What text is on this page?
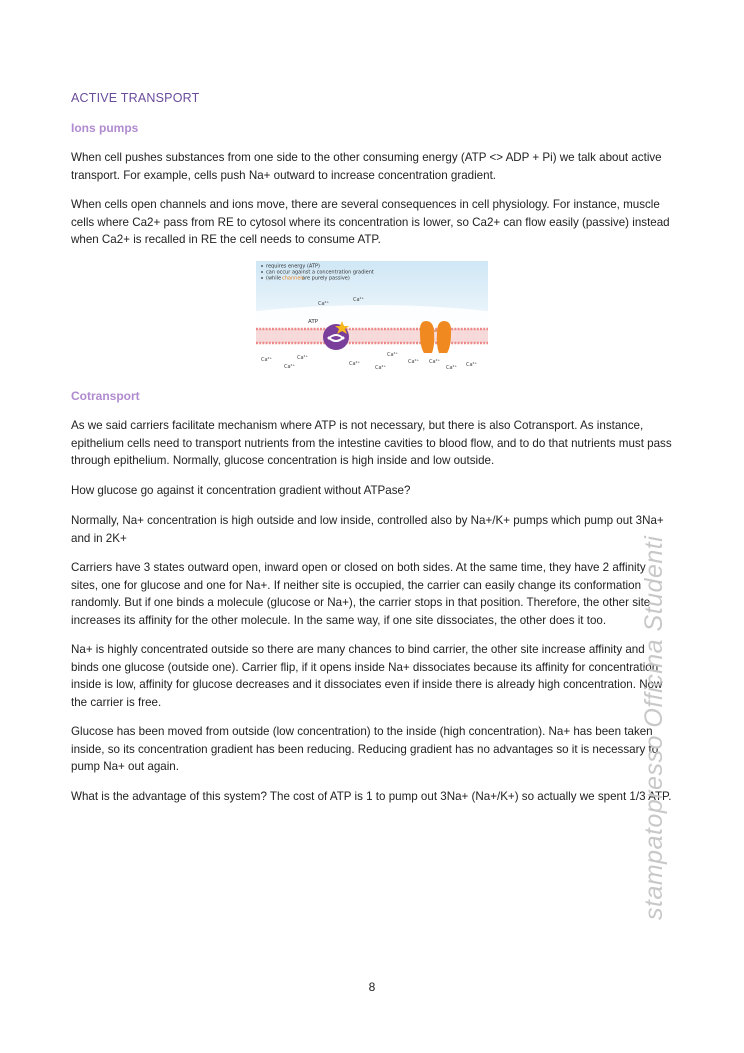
ACTIVE TRANSPORT
Ions pumps
When cell pushes substances from one side to the other consuming energy (ATP <> ADP + Pi) we talk about active transport. For example, cells push Na+ outward to increase concentration gradient.
When cells open channels and ions move, there are several consequences in cell physiology. For instance, muscle cells where Ca2+ pass from RE to cytosol where its concentration is lower, so Ca2+ can flow easily (passive) instead when Ca2+ is recalled in RE the cell needs to consume ATP.
requires energy (ATP)
can occur against a concentration gradient
(while channels
are purely passive)
Ca²⁺
Ca²⁺
ATP
Ca²⁺
Ca²⁺
Ca²⁺
Ca²⁺
Ca²⁺
Ca²⁺
Ca²⁺ Ca²⁺
Ca²⁺ Ca²⁺
Cotransport
As we said carriers facilitate mechanism where ATP is not necessary, but there is also Cotransport. As instance, epithelium cells need to transport nutrients from the intestine cavities to blood flow, and to do that nutrients must pass through epithelium. Normally, glucose concentration is high inside and low outside.
How glucose go against it concentration gradient without ATPase?
Normally, Na+ concentration is high outside and low inside, controlled also by Na+/K+ pumps which pump out 3Na+ and in 2K+
Carriers have 3 states outward open, inward open or closed on both sides. At the same time, they have 2 affinity sites, one for glucose and one for Na+. If neither site is occupied, the carrier can easily change its conformation randomly. But if one binds a molecule (glucose or Na+), the carrier stops in that position. Therefore, the other site increases its affinity for the other molecule. In the same way, if one site dissociates, the other does it too.
Na+ is highly concentrated outside so there are many chances to bind carrier, the other site increase affinity and binds one glucose (outside one). Carrier flip, if it opens inside Na+ dissociates because its affinity for concentration inside is low, affinity for glucose decreases and it dissociates even if inside there is already high concentration. Now the carrier is free.
Glucose has been moved from outside (low concentration) to the inside (high concentration). Na+ has been taken inside, so its concentration gradient has been reducing. Reducing gradient has no advantages so it is necessary to pump Na+ out again.
What is the advantage of this system? The cost of ATP is 1 to pump out 3Na+ (Na+/K+) so actually we spent 1/3 ATP.
stampatopresso Officina Studenti
8
